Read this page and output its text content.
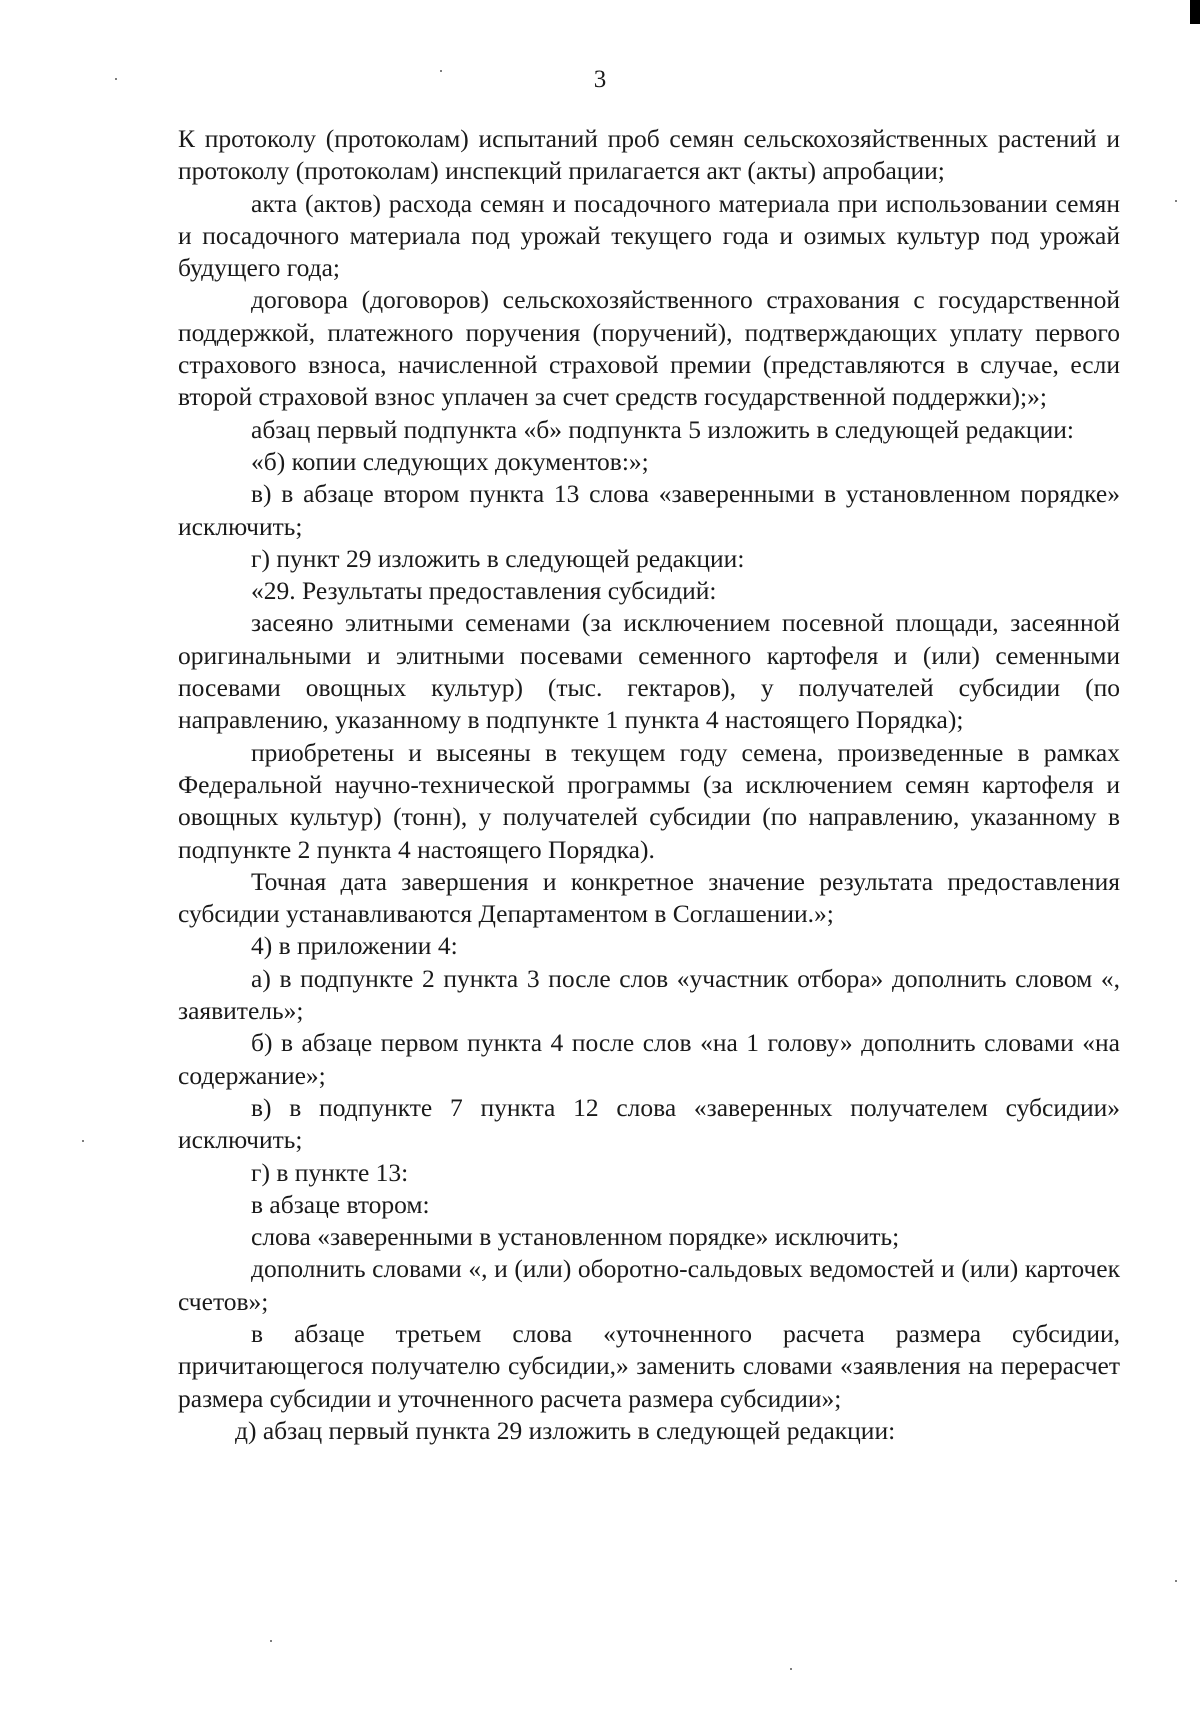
3

К протоколу (протоколам) испытаний проб семян сельскохозяйственных растений и протоколу (протоколам) инспекций прилагается акт (акты) апробации;

акта (актов) расхода семян и посадочного материала при использовании семян и посадочного материала под урожай текущего года и озимых культур под урожай будущего года;

договора (договоров) сельскохозяйственного страхования с государственной поддержкой, платежного поручения (поручений), подтверждающих уплату первого страхового взноса, начисленной страховой премии (представляются в случае, если второй страховой взнос уплачен за счет средств государственной поддержки);»;

абзац первый подпункта «б» подпункта 5 изложить в следующей редакции:

«б) копии следующих документов:»;

в) в абзаце втором пункта 13 слова «заверенными в установленном порядке» исключить;

г) пункт 29 изложить в следующей редакции:

«29. Результаты предоставления субсидий:

засеяно элитными семенами (за исключением посевной площади, засеянной оригинальными и элитными посевами семенного картофеля и (или) семенными посевами овощных культур) (тыс. гектаров), у получателей субсидии (по направлению, указанному в подпункте 1 пункта 4 настоящего Порядка);

приобретены и высеяны в текущем году семена, произведенные в рамках Федеральной научно-технической программы (за исключением семян картофеля и овощных культур) (тонн), у получателей субсидии (по направлению, указанному в подпункте 2 пункта 4 настоящего Порядка).

Точная дата завершения и конкретное значение результата предоставления субсидии устанавливаются Департаментом в Соглашении.»;

4) в приложении 4:

а) в подпункте 2 пункта 3 после слов «участник отбора» дополнить словом «, заявитель»;

б) в абзаце первом пункта 4 после слов «на 1 голову» дополнить словами «на содержание»;

в) в подпункте 7 пункта 12 слова «заверенных получателем субсидии» исключить;

г) в пункте 13:

в абзаце втором:

слова «заверенными в установленном порядке» исключить;

дополнить словами «, и (или) оборотно-сальдовых ведомостей и (или) карточек счетов»;

в абзаце третьем слова «уточненного расчета размера субсидии, причитающегося получателю субсидии,» заменить словами «заявления на перерасчет размера субсидии и уточненного расчета размера субсидии»;

д) абзац первый пункта 29 изложить в следующей редакции:
